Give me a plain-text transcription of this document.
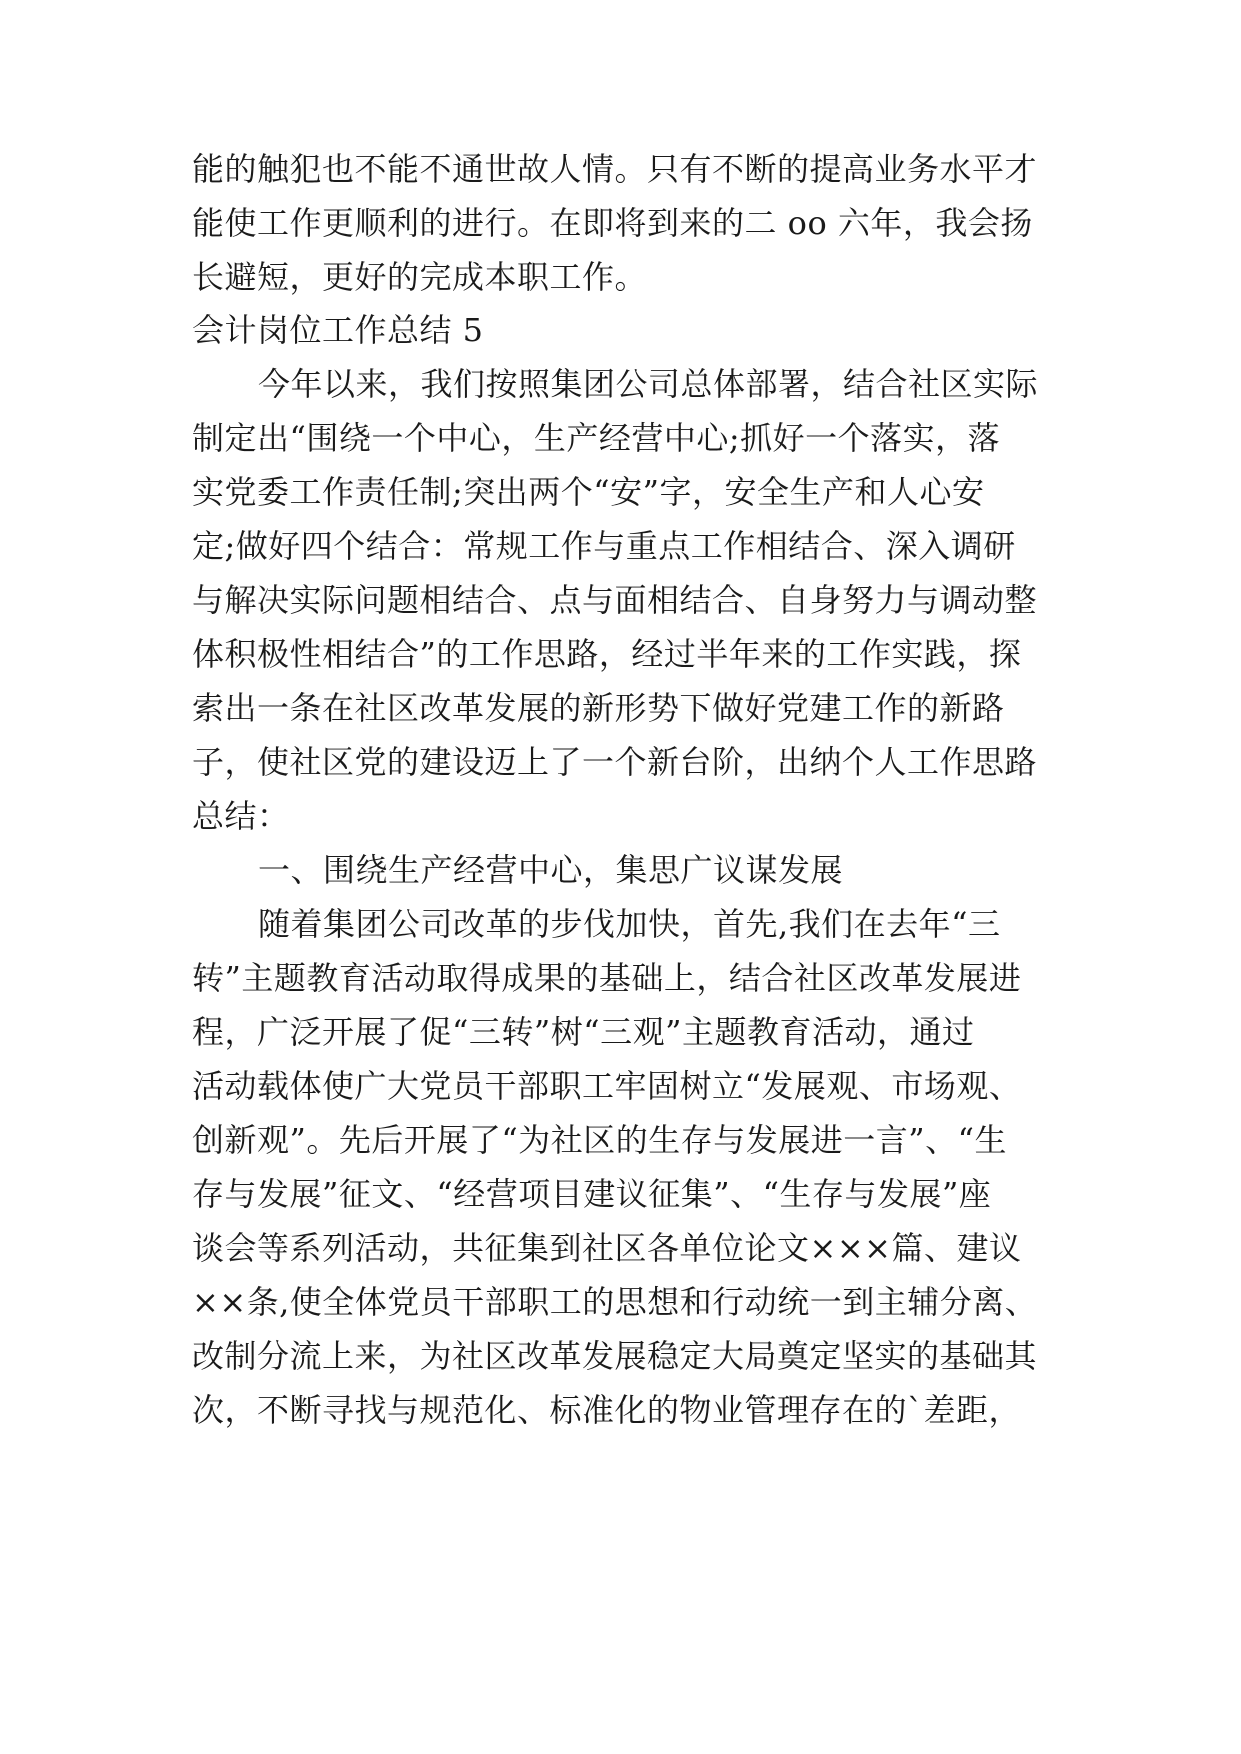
能的触犯也不能不通世故人情。只有不断的提高业务水平才
能使工作更顺利的进行。在即将到来的二 oo 六年，我会扬
长避短，更好的完成本职工作。
会计岗位工作总结 5
今年以来，我们按照集团公司总体部署，结合社区实际
制定出“围绕一个中心，生产经营中心;抓好一个落实，落
实党委工作责任制;突出两个“安”字，安全生产和人心安
定;做好四个结合：常规工作与重点工作相结合、深入调研
与解决实际问题相结合、点与面相结合、自身努力与调动整
体积极性相结合”的工作思路，经过半年来的工作实践，探
索出一条在社区改革发展的新形势下做好党建工作的新路
子，使社区党的建设迈上了一个新台阶，出纳个人工作思路
总结：
一、围绕生产经营中心，集思广议谋发展
随着集团公司改革的步伐加快，首先,我们在去年“三
转”主题教育活动取得成果的基础上，结合社区改革发展进
程，广泛开展了促“三转”树“三观”主题教育活动，通过
活动载体使广大党员干部职工牢固树立“发展观、市场观、
创新观”。先后开展了“为社区的生存与发展进一言”、“生
存与发展”征文、“经营项目建议征集”、“生存与发展”座
谈会等系列活动，共征集到社区各单位论文×××篇、建议
××条,使全体党员干部职工的思想和行动统一到主辅分离、
改制分流上来，为社区改革发展稳定大局奠定坚实的基础其
次，不断寻找与规范化、标准化的物业管理存在的`差距，
